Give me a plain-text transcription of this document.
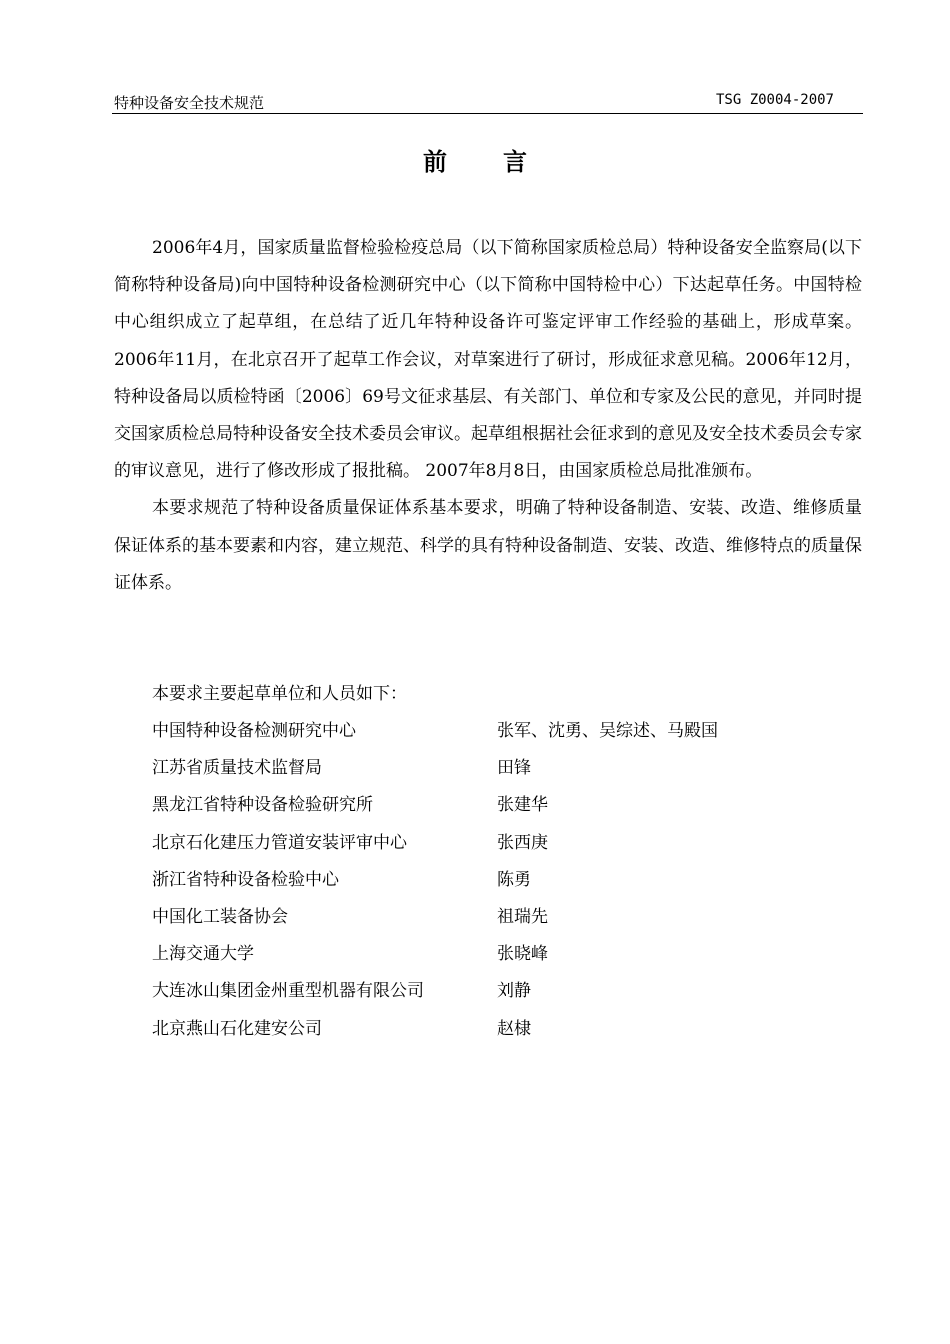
特种设备安全技术规范	TSG Z0004-2007
前言

2006年4月，国家质量监督检验检疫总局（以下简称国家质检总局）特种设备安全监察局(以下简称特种设备局)向中国特种设备检测研究中心（以下简称中国特检中心）下达起草任务。中国特检中心组织成立了起草组，在总结了近几年特种设备许可鉴定评审工作经验的基础上，形成草案。2006年11月，在北京召开了起草工作会议，对草案进行了研讨，形成征求意见稿。2006年12月，特种设备局以质检特函〔2006〕69号文征求基层、有关部门、单位和专家及公民的意见，并同时提交国家质检总局特种设备安全技术委员会审议。起草组根据社会征求到的意见及安全技术委员会专家的审议意见，进行了修改形成了报批稿。 2007年8月8日，由国家质检总局批准颁布。

本要求规范了特种设备质量保证体系基本要求，明确了特种设备制造、安装、改造、维修质量保证体系的基本要素和内容，建立规范、科学的具有特种设备制造、安装、改造、维修特点的质量保证体系。

本要求主要起草单位和人员如下：
中国特种设备检测研究中心	张军、沈勇、吴综述、马殿国
江苏省质量技术监督局	田锋
黑龙江省特种设备检验研究所	张建华
北京石化建压力管道安装评审中心	张西庚
浙江省特种设备检验中心	陈勇
中国化工装备协会	祖瑞先
上海交通大学	张晓峰
大连冰山集团金州重型机器有限公司	刘静
北京燕山石化建安公司	赵棣
